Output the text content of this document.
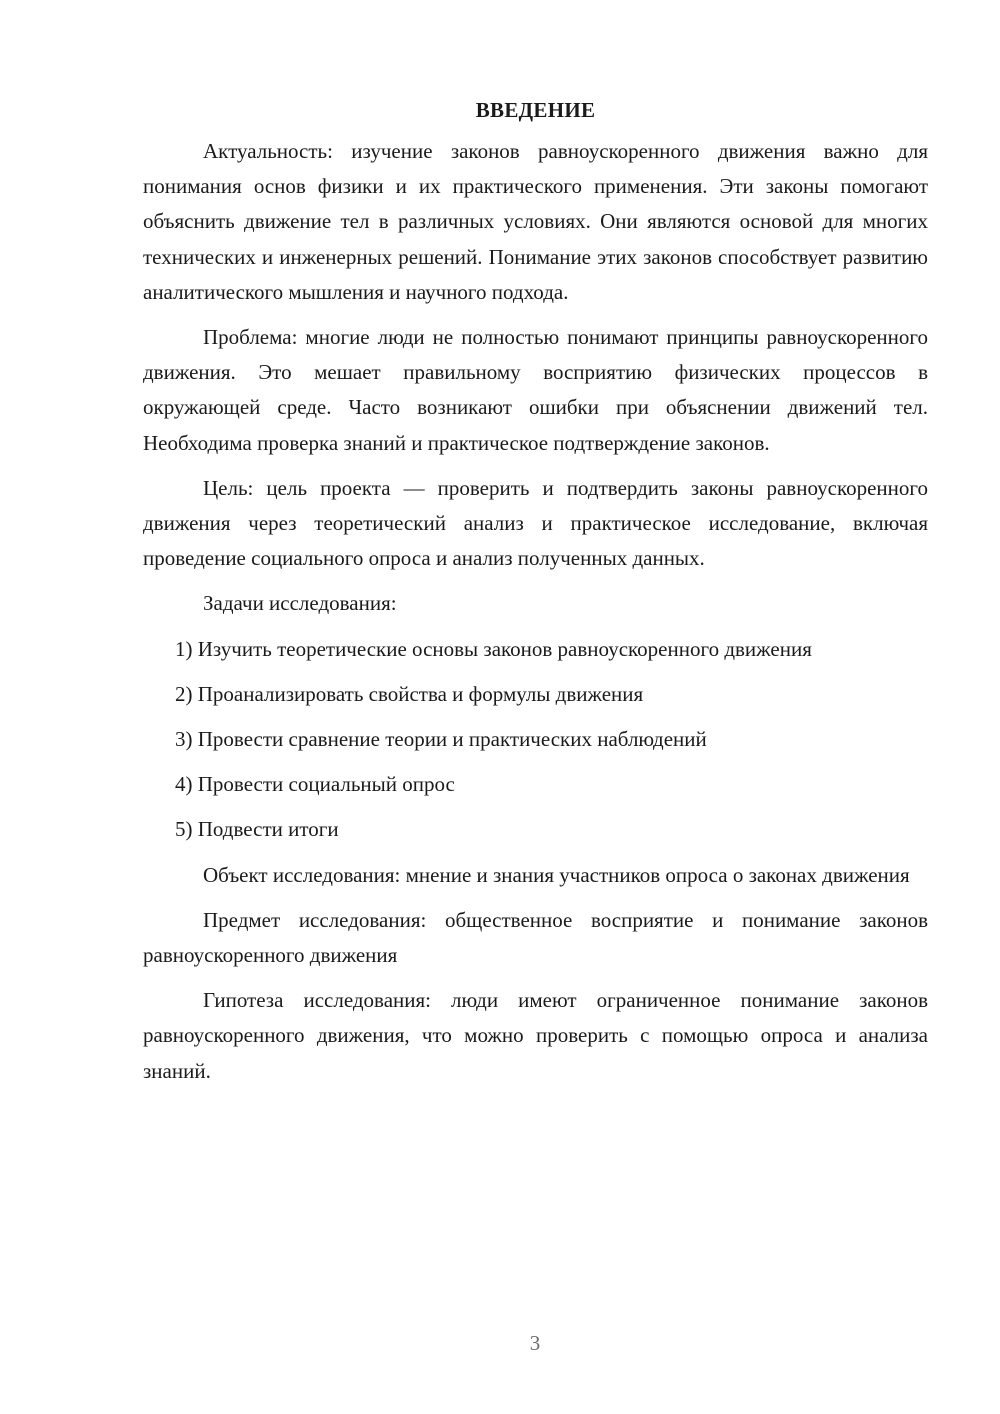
ВВЕДЕНИЕ

Актуальность: изучение законов равноускоренного движения важно для понимания основ физики и их практического применения. Эти законы помогают объяснить движение тел в различных условиях. Они являются основой для многих технических и инженерных решений. Понимание этих законов способствует развитию аналитического мышления и научного подхода.

Проблема: многие люди не полностью понимают принципы равноускоренного движения. Это мешает правильному восприятию физических процессов в окружающей среде. Часто возникают ошибки при объяснении движений тел. Необходима проверка знаний и практическое подтверждение законов.

Цель: цель проекта — проверить и подтвердить законы равноускоренного движения через теоретический анализ и практическое исследование, включая проведение социального опроса и анализ полученных данных.

Задачи исследования:

1) Изучить теоретические основы законов равноускоренного движения

2) Проанализировать свойства и формулы движения

3) Провести сравнение теории и практических наблюдений

4) Провести социальный опрос

5) Подвести итоги

Объект исследования: мнение и знания участников опроса о законах движения

Предмет исследования: общественное восприятие и понимание законов равноускоренного движения

Гипотеза исследования: люди имеют ограниченное понимание законов равноускоренного движения, что можно проверить с помощью опроса и анализа знаний.

3
